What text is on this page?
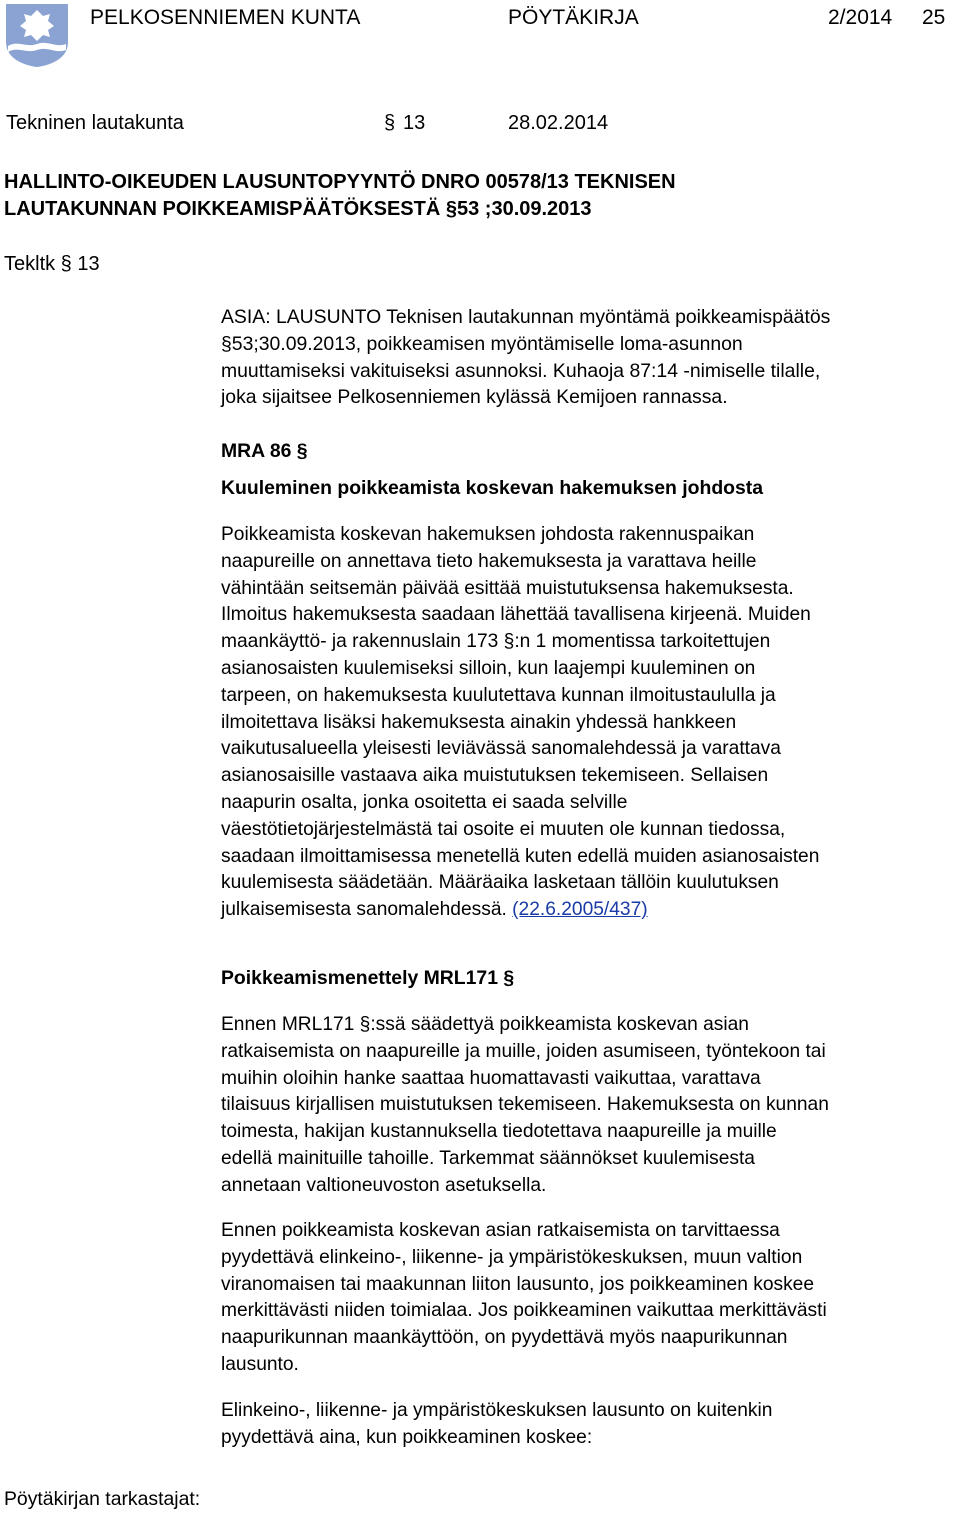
PELKOSENNIEMEN KUNTA	PÖYTÄKIRJA	2/2014 25
Tekninen lautakunta	§ 13	28.02.2014
HALLINTO-OIKEUDEN LAUSUNTOPYYNTÖ DNRO 00578/13 TEKNISEN
LAUTAKUNNAN POIKKEAMISPÄÄTÖKSESTÄ §53 ;30.09.2013
Tekltk § 13

ASIA: LAUSUNTO Teknisen lautakunnan myöntämä poikkeamispäätös

§53;30.09.2013, poikkeamisen myöntämiselle loma-asunnon

muuttamiseksi vakituiseksi asunnoksi. Kuhaoja 87:14 -nimiselle tilalle,

joka sijaitsee Pelkosenniemen kylässä Kemijoen rannassa.

MRA 86 §
Kuuleminen poikkeamista koskevan hakemuksen johdosta

Poikkeamista koskevan hakemuksen johdosta rakennuspaikan

naapureille on annettava tieto hakemuksesta ja varattava heille

vähintään seitsemän päivää esittää muistutuksensa hakemuksesta.

Ilmoitus hakemuksesta saadaan lähettää tavallisena kirjeenä. Muiden

maankäyttö- ja rakennuslain 173 §:n 1 momentissa tarkoitettujen

asianosaisten kuulemiseksi silloin, kun laajempi kuuleminen on

tarpeen, on hakemuksesta kuulutettava kunnan ilmoitustaululla ja

ilmoitettava lisäksi hakemuksesta ainakin yhdessä hankkeen

vaikutusalueella yleisesti leviävässä sanomalehdessä ja varattava

asianosaisille vastaava aika muistutuksen tekemiseen. Sellaisen

naapurin osalta, jonka osoitetta ei saada selville

väestötietojärjestelmästä tai osoite ei muuten ole kunnan tiedossa,

saadaan ilmoittamisessa menetellä kuten edellä muiden asianosaisten

kuulemisesta säädetään. Määräaika lasketaan tällöin kuulutuksen

julkaisemisesta sanomalehdessä. (22.6.2005/437)

Poikkeamismenettely MRL171 §

Ennen MRL171 §:ssä säädettyä poikkeamista koskevan asian

ratkaisemista on naapureille ja muille, joiden asumiseen, työntekoon tai

muihin oloihin hanke saattaa huomattavasti vaikuttaa, varattava

tilaisuus kirjallisen muistutuksen tekemiseen. Hakemuksesta on kunnan

toimesta, hakijan kustannuksella tiedotettava naapureille ja muille

edellä mainituille tahoille. Tarkemmat säännökset kuulemisesta

annetaan valtioneuvoston asetuksella.

Ennen poikkeamista koskevan asian ratkaisemista on tarvittaessa

pyydettävä elinkeino-, liikenne- ja ympäristökeskuksen, muun valtion

viranomaisen tai maakunnan liiton lausunto, jos poikkeaminen koskee

merkittävästi niiden toimialaa. Jos poikkeaminen vaikuttaa merkittävästi

naapurikunnan maankäyttöön, on pyydettävä myös naapurikunnan

lausunto.

Elinkeino-, liikenne- ja ympäristökeskuksen lausunto on kuitenkin

pyydettävä aina, kun poikkeaminen koskee:

Pöytäkirjan tarkastajat:
